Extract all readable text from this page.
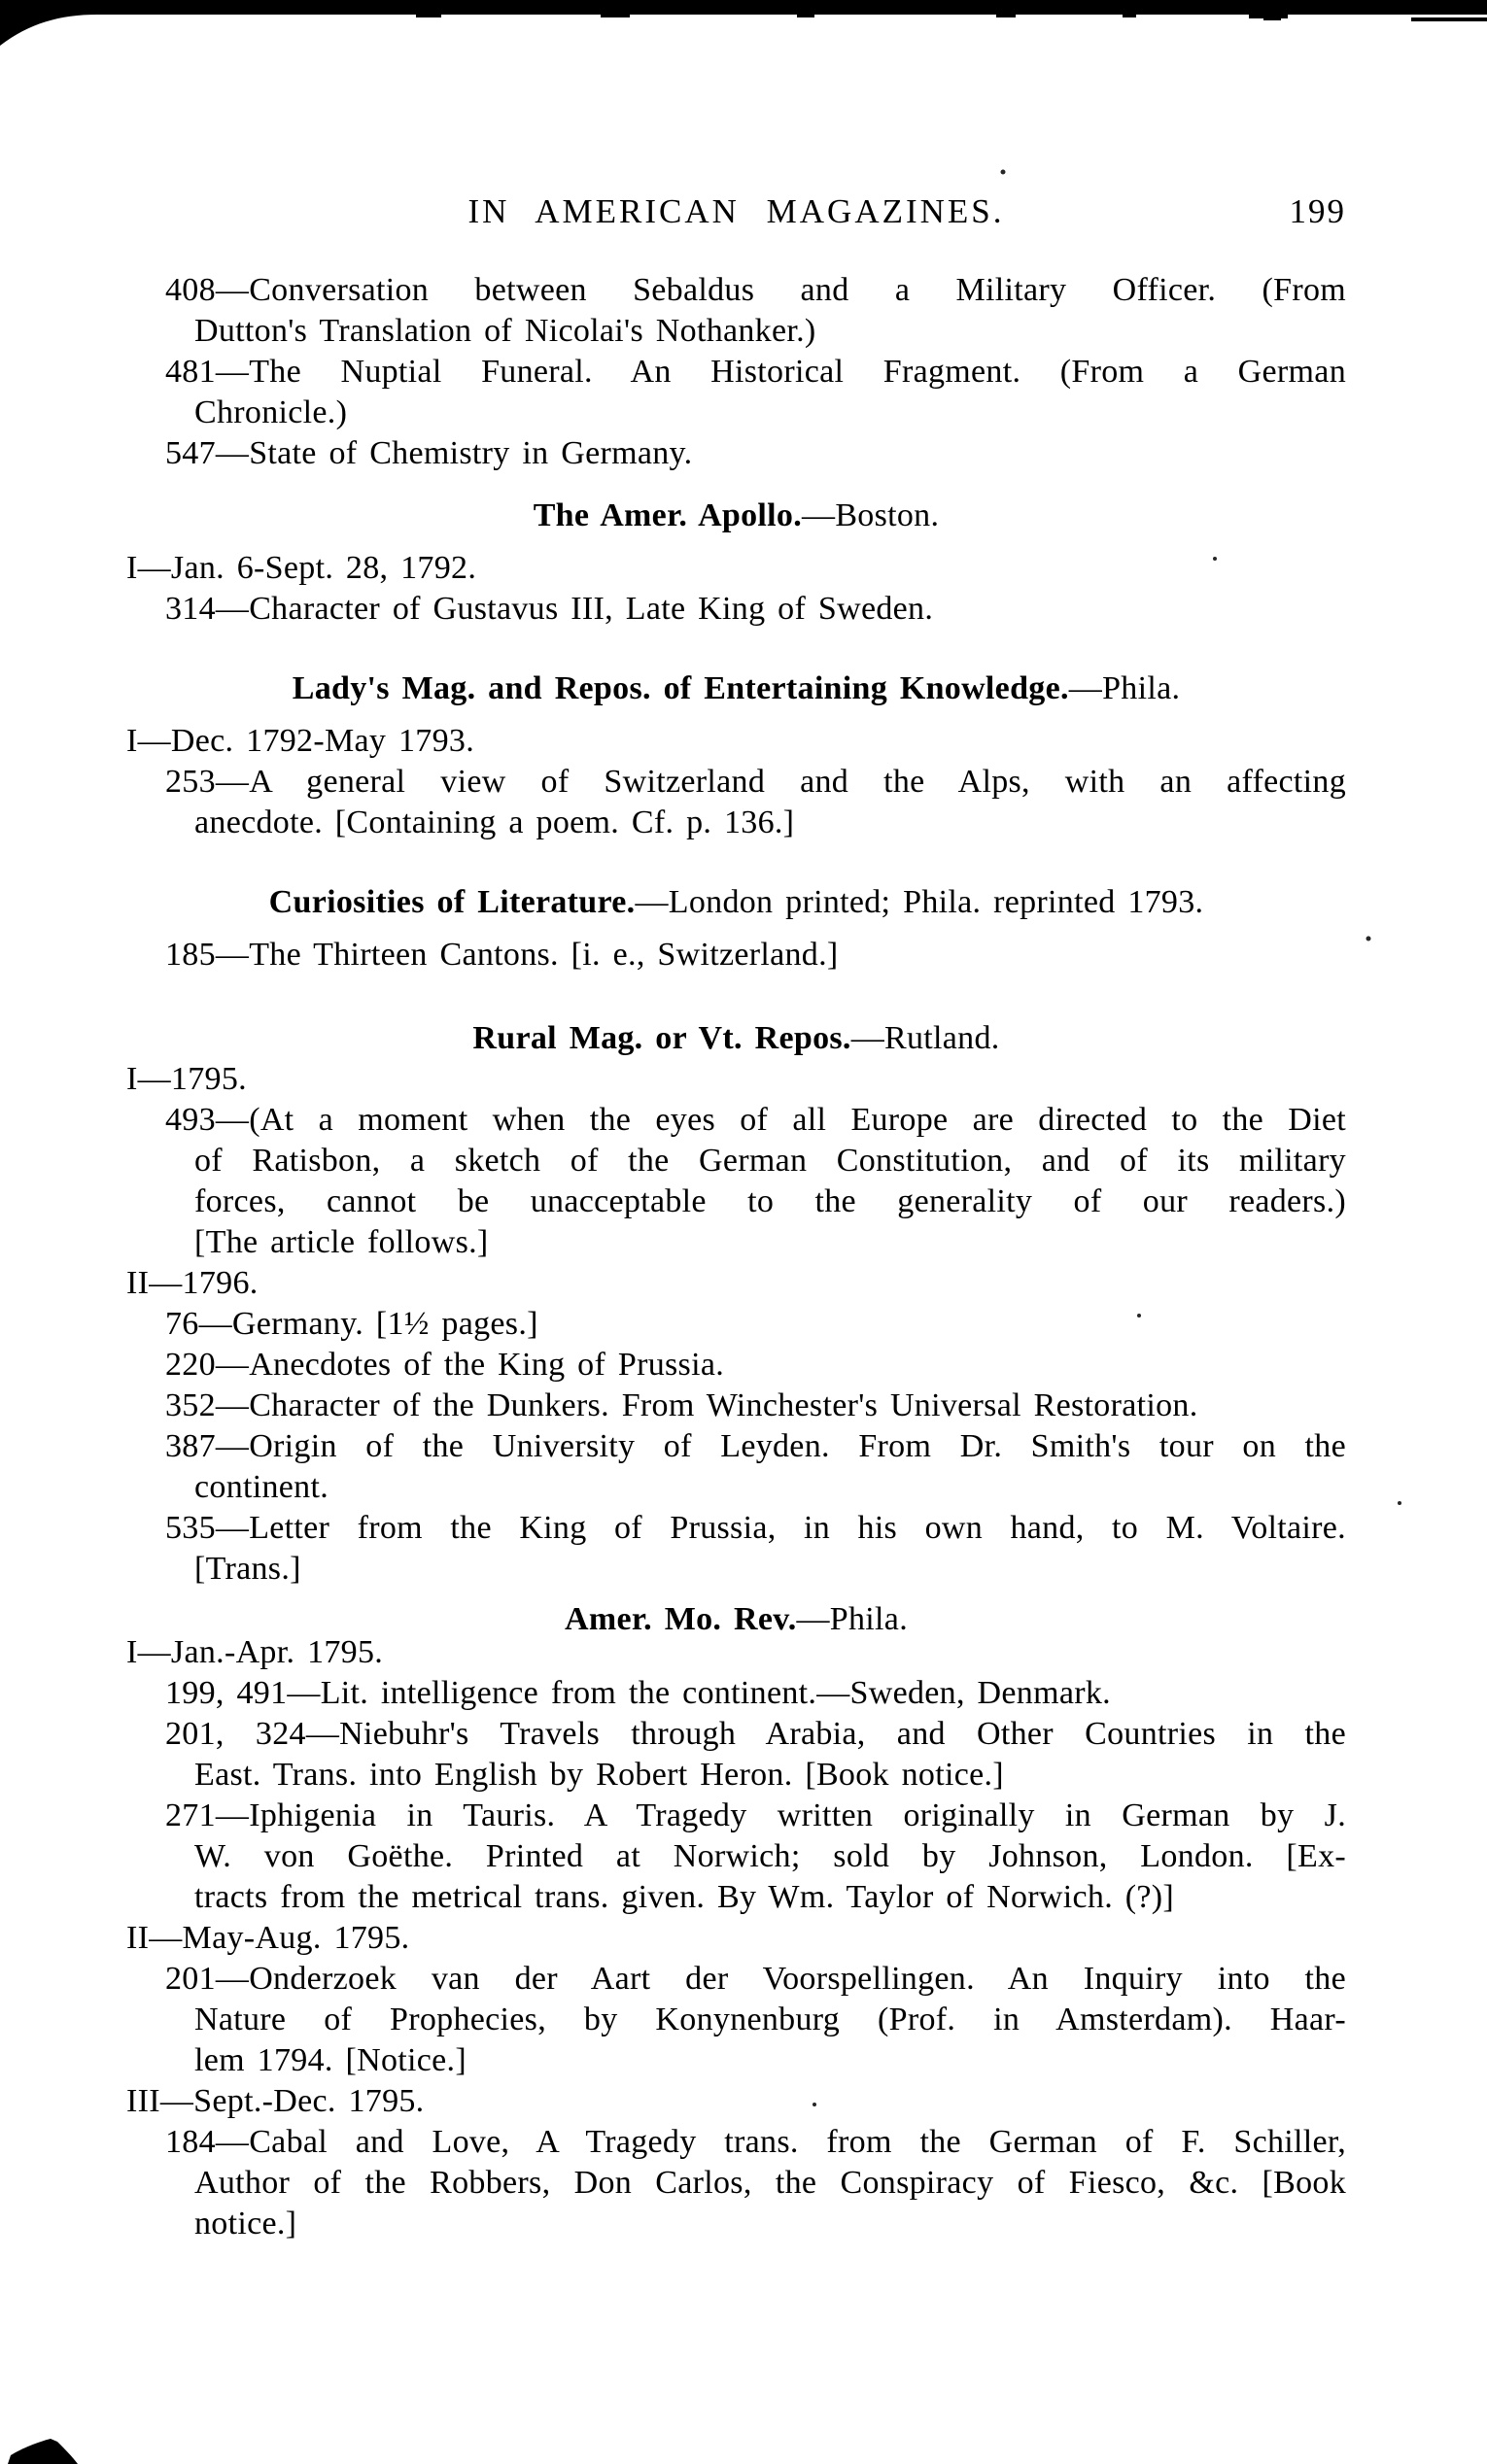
IN AMERICAN MAGAZINES.	199

408—Conversation between Sebaldus and a Military Officer. (From
Dutton's Translation of Nicolai's Nothanker.)

481—The Nuptial Funeral. An Historical Fragment. (From a German
Chronicle.)

547—State of Chemistry in Germany.

The Amer. Apollo.—Boston.

I—Jan. 6-Sept. 28, 1792.

314—Character of Gustavus III, Late King of Sweden.

Lady's Mag. and Repos. of Entertaining Knowledge.—Phila.

I—Dec. 1792-May 1793.

253—A general view of Switzerland and the Alps, with an affecting
anecdote. [Containing a poem. Cf. p. 136.]

Curiosities of Literature.—London printed; Phila. reprinted 1793.

185—The Thirteen Cantons. [i. e., Switzerland.]

Rural Mag. or Vt. Repos.—Rutland.

I—1795.

493—(At a moment when the eyes of all Europe are directed to the Diet
of Ratisbon, a sketch of the German Constitution, and of its military
forces, cannot be unacceptable to the generality of our readers.)
[The article follows.]

II—1796.

76—Germany. [1½ pages.]

220—Anecdotes of the King of Prussia.

352—Character of the Dunkers. From Winchester's Universal Restoration.

387—Origin of the University of Leyden. From Dr. Smith's tour on the
continent.

535—Letter from the King of Prussia, in his own hand, to M. Voltaire.
[Trans.]

Amer. Mo. Rev.—Phila.

I—Jan.-Apr. 1795.

199, 491—Lit. intelligence from the continent.—Sweden, Denmark.

201, 324—Niebuhr's Travels through Arabia, and Other Countries in the
East. Trans. into English by Robert Heron. [Book notice.]

271—Iphigenia in Tauris. A Tragedy written originally in German by J.
W. von Goëthe. Printed at Norwich; sold by Johnson, London. [Ex-
tracts from the metrical trans. given. By Wm. Taylor of Norwich. (?)]

II—May-Aug. 1795.

201—Onderzoek van der Aart der Voorspellingen. An Inquiry into the
Nature of Prophecies, by Konynenburg (Prof. in Amsterdam). Haar-
lem 1794. [Notice.]

III—Sept.-Dec. 1795.

184—Cabal and Love, A Tragedy trans. from the German of F. Schiller,
Author of the Robbers, Don Carlos, the Conspiracy of Fiesco, &c. [Book
notice.]
